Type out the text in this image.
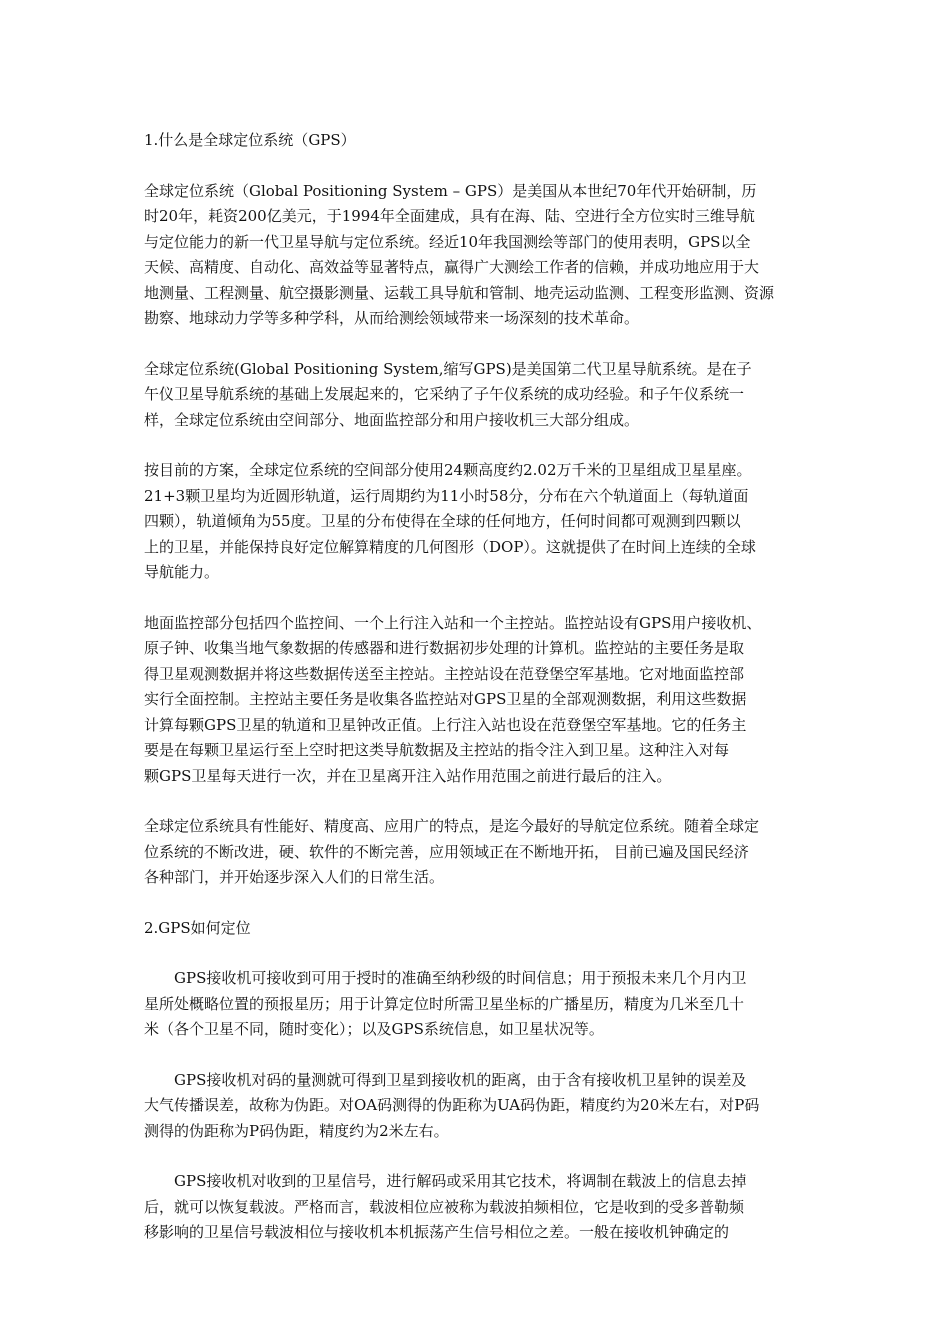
1.什么是全球定位系统（GPS）

全球定位系统（Global Positioning System – GPS）是美国从本世纪70年代开始研制，历
时20年，耗资200亿美元，于1994年全面建成，具有在海、陆、空进行全方位实时三维导航
与定位能力的新一代卫星导航与定位系统。经近10年我国测绘等部门的使用表明，GPS以全
天候、高精度、自动化、高效益等显著特点，赢得广大测绘工作者的信赖，并成功地应用于大
地测量、工程测量、航空摄影测量、运载工具导航和管制、地壳运动监测、工程变形监测、资源
勘察、地球动力学等多种学科，从而给测绘领域带来一场深刻的技术革命。

全球定位系统(Global Positioning System,缩写GPS)是美国第二代卫星导航系统。是在子
午仪卫星导航系统的基础上发展起来的，它采纳了子午仪系统的成功经验。和子午仪系统一
样，全球定位系统由空间部分、地面监控部分和用户接收机三大部分组成。

按目前的方案，全球定位系统的空间部分使用24颗高度约2.02万千米的卫星组成卫星星座。
21+3颗卫星均为近圆形轨道，运行周期约为11小时58分，分布在六个轨道面上（每轨道面
四颗），轨道倾角为55度。卫星的分布使得在全球的任何地方，任何时间都可观测到四颗以
上的卫星，并能保持良好定位解算精度的几何图形（DOP）。这就提供了在时间上连续的全球
导航能力。

地面监控部分包括四个监控间、一个上行注入站和一个主控站。监控站设有GPS用户接收机、
原子钟、收集当地气象数据的传感器和进行数据初步处理的计算机。监控站的主要任务是取
得卫星观测数据并将这些数据传送至主控站。主控站设在范登堡空军基地。它对地面监控部
实行全面控制。主控站主要任务是收集各监控站对GPS卫星的全部观测数据，利用这些数据
计算每颗GPS卫星的轨道和卫星钟改正值。上行注入站也设在范登堡空军基地。它的任务主
要是在每颗卫星运行至上空时把这类导航数据及主控站的指令注入到卫星。这种注入对每
颗GPS卫星每天进行一次，并在卫星离开注入站作用范围之前进行最后的注入。

全球定位系统具有性能好、精度高、应用广的特点，是迄今最好的导航定位系统。随着全球定
位系统的不断改进，硬、软件的不断完善，应用领域正在不断地开拓， 目前已遍及国民经济
各种部门，并开始逐步深入人们的日常生活。

2.GPS如何定位

GPS接收机可接收到可用于授时的准确至纳秒级的时间信息；用于预报未来几个月内卫
星所处概略位置的预报星历；用于计算定位时所需卫星坐标的广播星历，精度为几米至几十
米（各个卫星不同，随时变化）；以及GPS系统信息，如卫星状况等。

GPS接收机对码的量测就可得到卫星到接收机的距离，由于含有接收机卫星钟的误差及
大气传播误差，故称为伪距。对OA码测得的伪距称为UA码伪距，精度约为20米左右，对P码
测得的伪距称为P码伪距，精度约为2米左右。

GPS接收机对收到的卫星信号，进行解码或采用其它技术，将调制在载波上的信息去掉
后，就可以恢复载波。严格而言，载波相位应被称为载波拍频相位，它是收到的受多普勒频
移影响的卫星信号载波相位与接收机本机振荡产生信号相位之差。一般在接收机钟确定的
